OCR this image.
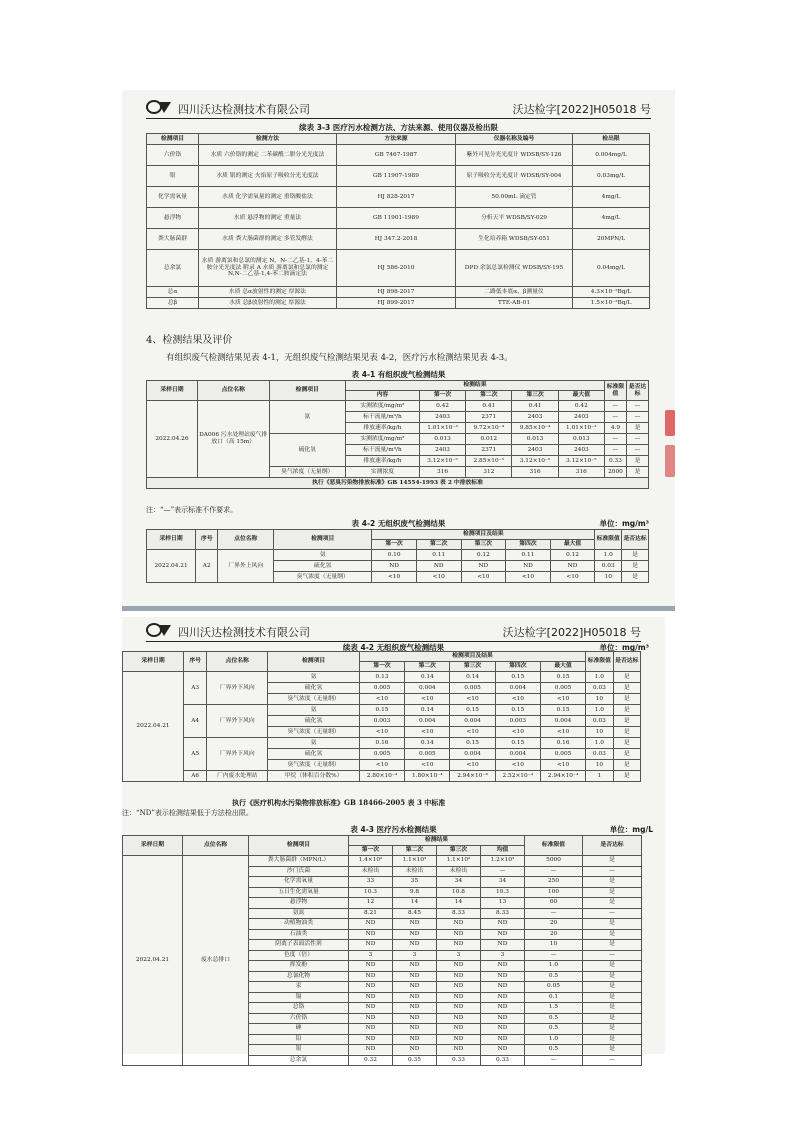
四川沃达检测技术有限公司	沃达检字[2022]H05018 号
续表 3-3 医疗污水检测方法、方法来源、使用仪器及检出限
检测项目	检测方法	方法来源	仪器名称及编号	检出限
六价铬	水质 六价铬的测定 二苯碳酰二肼分光光度法	GB 7467-1987	紫外可见分光光度计 WDSB/SY-126	0.004mg/L
银	水质 银的测定 火焰原子吸收分光光度法	GB 11907-1989	原子吸收分光光度计 WDSB/SY-004	0.03mg/L
化学需氧量	水质 化学需氧量的测定 重铬酸盐法	HJ 828-2017	50.00mL 滴定管	4mg/L
悬浮物	水质 悬浮物的测定 重量法	GB 11901-1989	分析天平 WDSB/SY-029	4mg/L
粪大肠菌群	水质 粪大肠菌群的测定 多管发酵法	HJ 347.2-2018	生化培养箱 WDSB/SY-051	20MPN/L
总余氯	水质 游离氯和总氯的测定 N，N-二乙基-1，4-苯二胺分光光度法 附录 A 水质 游离氯和总氯的测定 N,N-二乙基-1,4-苯二胺滴定法	HJ 586-2010	DPD 余氯总氯检测仪 WDSB/SY-195	0.04mg/L
总α	水质 总α放射性的测定 厚源法	HJ 898-2017	二路低本底α、β测量仪	4.3×10⁻²Bq/L
总β	水质 总β放射性的测定 厚源法	HJ 899-2017	TTE-AB-01	1.5×10⁻²Bq/L
4、检测结果及评价
有组织废气检测结果见表 4-1，无组织废气检测结果见表 4-2，医疗污水检测结果见表 4-3。
表 4-1 有组织废气检测结果
采样日期	点位名称	检测项目	检测结果					标准限值	是否达标
			内容	第一次	第二次	第三次	最大值		
2022.04.26	DA006 污水处理站废气排放口（高 15m）	氨	实测浓度/mg/m³	0.42	0.41	0.41	0.42	—	—
			标干流量/m³/h	2403	2371	2403	2403	—	—
			排放速率/kg/h	1.01×10⁻³	9.72×10⁻⁴	9.85×10⁻⁴	1.01×10⁻³	4.9	是
		硫化氢	实测浓度/mg/m³	0.013	0.012	0.013	0.013	—	—
			标干流量/m³/h	2403	2371	2403	2403	—	—
			排放速率/kg/h	3.12×10⁻⁵	2.85×10⁻⁵	3.12×10⁻⁵	3.12×10⁻⁵	0.33	是
		臭气浓度（无量纲）	实测浓度	316	312	316	316	2000	是
执行《恶臭污染物排放标准》GB 14554-1993 表 2 中排放标准									
注：“—”表示标准不作要求。
表 4-2 无组织废气检测结果	单位：mg/m³
采样日期	序号	点位名称	检测项目	检测项目及结果					标准限值	是否达标
				第一次	第二次	第三次	第四次	最大值		
2022.04.21	A2	厂界外上风向	氨	0.10	0.11	0.12	0.11	0.12	1.0	是
			硫化氢	ND	ND	ND	ND	ND	0.03	是
			臭气浓度（无量纲）	<10	<10	<10	<10	<10	10	是
四川沃达检测技术有限公司	沃达检字[2022]H05018 号
续表 4-2 无组织废气检测结果	单位：mg/m³
采样日期	序号	点位名称	检测项目	检测项目及结果					标准限值	是否达标
				第一次	第二次	第三次	第四次	最大值		
2022.04.21	A3	厂界外下风向	氨	0.13	0.14	0.14	0.15	0.15	1.0	是
			硫化氢	0.005	0.004	0.005	0.004	0.005	0.03	是
			臭气浓度（无量纲）	<10	<10	<10	<10	<10	10	是
	A4	厂界外下风向	氨	0.15	0.14	0.15	0.15	0.15	1.0	是
			硫化氢	0.003	0.004	0.004	0.003	0.004	0.03	是
			臭气浓度（无量纲）	<10	<10	<10	<10	<10	10	是
	A5	厂界外下风向	氨	0.16	0.14	0.15	0.15	0.16	1.0	是
			硫化氢	0.005	0.005	0.004	0.004	0.005	0.03	是
			臭气浓度（无量纲）	<10	<10	<10	<10	<10	10	是
	A6	厂内废水处理站	甲烷（体积百分数%）	2.80×10⁻⁴	1.80×10⁻⁴	2.94×10⁻⁴	2.52×10⁻⁴	2.94×10⁻⁴	1	是
执行《医疗机构水污染物排放标准》GB 18466-2005 表 3 中标准
注：“ND”表示检测结果低于方法检出限。
表 4-3 医疗污水检测结果	单位：mg/L
采样日期	点位名称	检测项目	检测结果				标准限值	是否达标
			第一次	第二次	第三次	均值		
2022.04.21	废水总排口	粪大肠菌群（MPN/L）	1.4×10³	1.1×10³	1.1×10³	1.2×10³	5000	是
		沙门氏菌	未检出	未检出	未检出	—	—	—
		化学需氧量	33	35	34	34	250	是
		五日生化需氧量	10.3	9.8	10.8	10.3	100	是
		悬浮物	12	14	14	13	60	是
		氨氮	8.21	8.45	8.33	8.33	—	—
		动植物油类	ND	ND	ND	ND	20	是
		石油类	ND	ND	ND	ND	20	是
		阴离子表面活性剂	ND	ND	ND	ND	10	是
		色度（倍）	3	3	3	3	—	—
		挥发酚	ND	ND	ND	ND	1.0	是
		总氰化物	ND	ND	ND	ND	0.5	是
		汞	ND	ND	ND	ND	0.05	是
		镉	ND	ND	ND	ND	0.1	是
		总铬	ND	ND	ND	ND	1.5	是
		六价铬	ND	ND	ND	ND	0.5	是
		砷	ND	ND	ND	ND	0.5	是
		铅	ND	ND	ND	ND	1.0	是
		银	ND	ND	ND	ND	0.5	是
		总余氯	0.32	0.35	0.33	0.33	—	—
